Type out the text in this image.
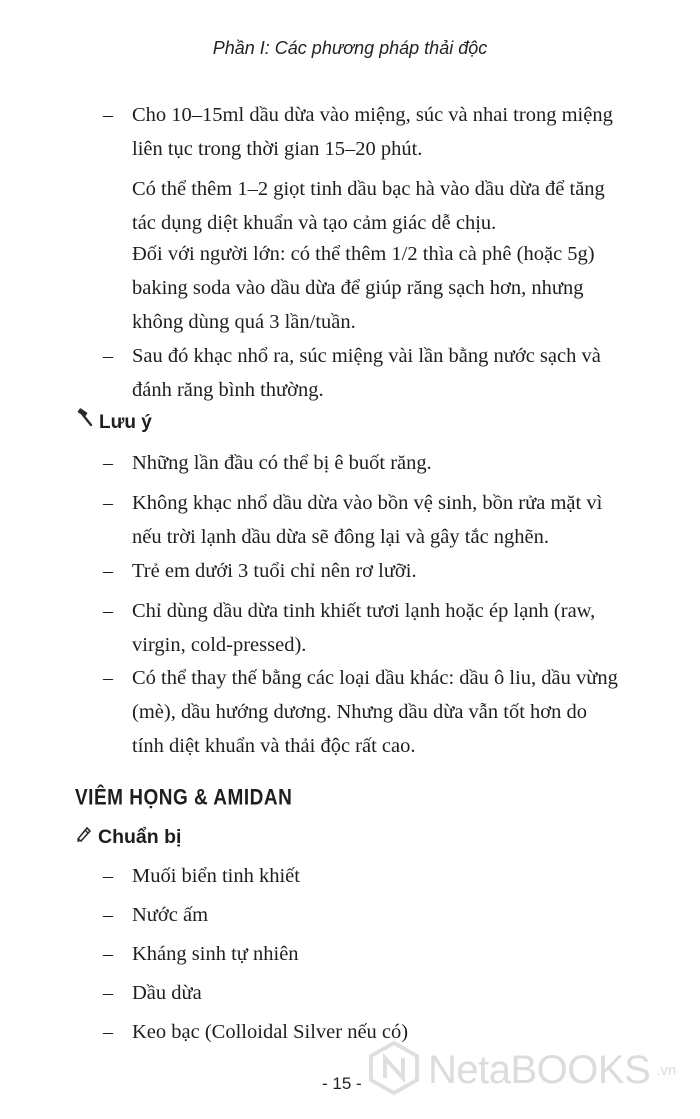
Phần I: Các phương pháp thải độc
– Cho 10–15ml dầu dừa vào miệng, súc và nhai trong miệng
liên tục trong thời gian 15–20 phút.
Có thể thêm 1–2 giọt tinh dầu bạc hà vào dầu dừa để tăng
tác dụng diệt khuẩn và tạo cảm giác dễ chịu.
Đối với người lớn: có thể thêm 1/2 thìa cà phê (hoặc 5g)
baking soda vào dầu dừa để giúp răng sạch hơn, nhưng
không dùng quá 3 lần/tuần.
– Sau đó khạc nhổ ra, súc miệng vài lần bằng nước sạch và
đánh răng bình thường.
Lưu ý
– Những lần đầu có thể bị ê buốt răng.
– Không khạc nhổ dầu dừa vào bồn vệ sinh, bồn rửa mặt vì
nếu trời lạnh dầu dừa sẽ đông lại và gây tắc nghẽn.
– Trẻ em dưới 3 tuổi chỉ nên rơ lưỡi.
– Chỉ dùng dầu dừa tinh khiết tươi lạnh hoặc ép lạnh (raw,
virgin, cold-pressed).
– Có thể thay thế bằng các loại dầu khác: dầu ô liu, dầu vừng
(mè), dầu hướng dương. Nhưng dầu dừa vẫn tốt hơn do
tính diệt khuẩn và thải độc rất cao.
VIÊM HỌNG & AMIDAN
Chuẩn bị
– Muối biển tinh khiết
– Nước ấm
– Kháng sinh tự nhiên
– Dầu dừa
– Keo bạc (Colloidal Silver nếu có)
NetaBOOKS .vn
- 15 -
